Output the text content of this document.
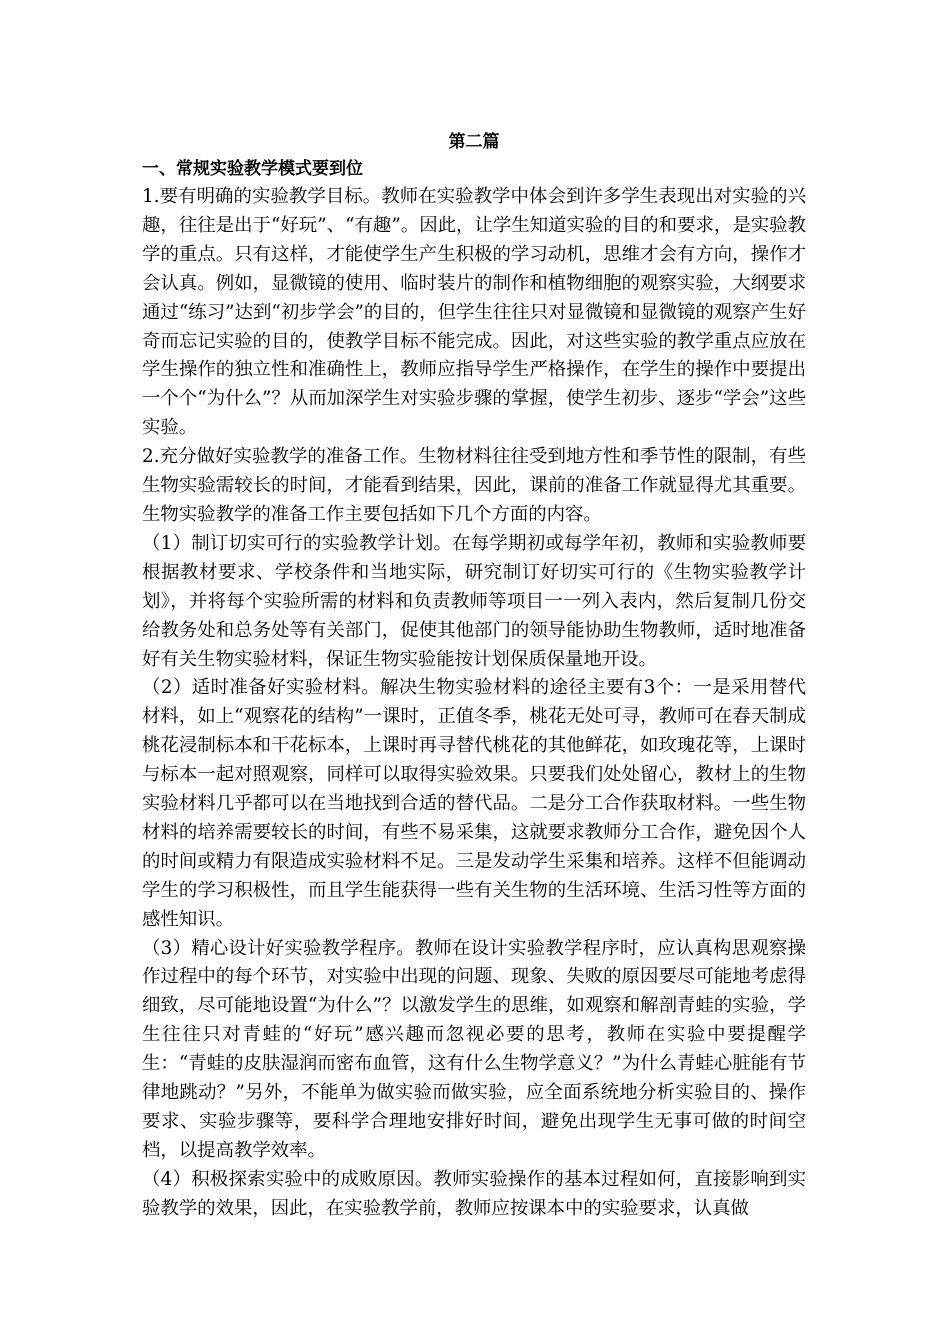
第二篇
一、常规实验教学模式要到位

1.要有明确的实验教学目标。教师在实验教学中体会到许多学生表现出对实验的兴趣，往往是出于“好玩”、“有趣”。因此，让学生知道实验的目的和要求，是实验教学的重点。只有这样，才能使学生产生积极的学习动机，思维才会有方向，操作才会认真。例如，显微镜的使用、临时装片的制作和植物细胞的观察实验，大纲要求通过“练习”达到“初步学会”的目的，但学生往往只对显微镜和显微镜的观察产生好奇而忘记实验的目的，使教学目标不能完成。因此，对这些实验的教学重点应放在学生操作的独立性和准确性上，教师应指导学生严格操作，在学生的操作中要提出一个个“为什么”？从而加深学生对实验步骤的掌握，使学生初步、逐步“学会”这些实验。

2.充分做好实验教学的准备工作。生物材料往往受到地方性和季节性的限制，有些生物实验需较长的时间，才能看到结果，因此，课前的准备工作就显得尤其重要。生物实验教学的准备工作主要包括如下几个方面的内容。

（1）制订切实可行的实验教学计划。在每学期初或每学年初，教师和实验教师要根据教材要求、学校条件和当地实际，研究制订好切实可行的《生物实验教学计划》，并将每个实验所需的材料和负责教师等项目一一列入表内，然后复制几份交给教务处和总务处等有关部门，促使其他部门的领导能协助生物教师，适时地准备好有关生物实验材料，保证生物实验能按计划保质保量地开设。

（2）适时准备好实验材料。解决生物实验材料的途径主要有3个：一是采用替代材料，如上“观察花的结构”一课时，正值冬季，桃花无处可寻，教师可在春天制成桃花浸制标本和干花标本，上课时再寻替代桃花的其他鲜花，如玫瑰花等，上课时与标本一起对照观察，同样可以取得实验效果。只要我们处处留心，教材上的生物实验材料几乎都可以在当地找到合适的替代品。二是分工合作获取材料。一些生物材料的培养需要较长的时间，有些不易采集，这就要求教师分工合作，避免因个人的时间或精力有限造成实验材料不足。三是发动学生采集和培养。这样不但能调动学生的学习积极性，而且学生能获得一些有关生物的生活环境、生活习性等方面的感性知识。

（3）精心设计好实验教学程序。教师在设计实验教学程序时，应认真构思观察操作过程中的每个环节，对实验中出现的问题、现象、失败的原因要尽可能地考虑得细致，尽可能地设置“为什么”？以激发学生的思维，如观察和解剖青蛙的实验，学生往往只对青蛙的“好玩”感兴趣而忽视必要的思考，教师在实验中要提醒学生：“青蛙的皮肤湿润而密布血管，这有什么生物学意义？”为什么青蛙心脏能有节律地跳动？”另外，不能单为做实验而做实验，应全面系统地分析实验目的、操作要求、实验步骤等，要科学合理地安排好时间，避免出现学生无事可做的时间空档，以提高教学效率。

（4）积极探索实验中的成败原因。教师实验操作的基本过程如何，直接影响到实验教学的效果，因此，在实验教学前，教师应按课本中的实验要求，认真做
